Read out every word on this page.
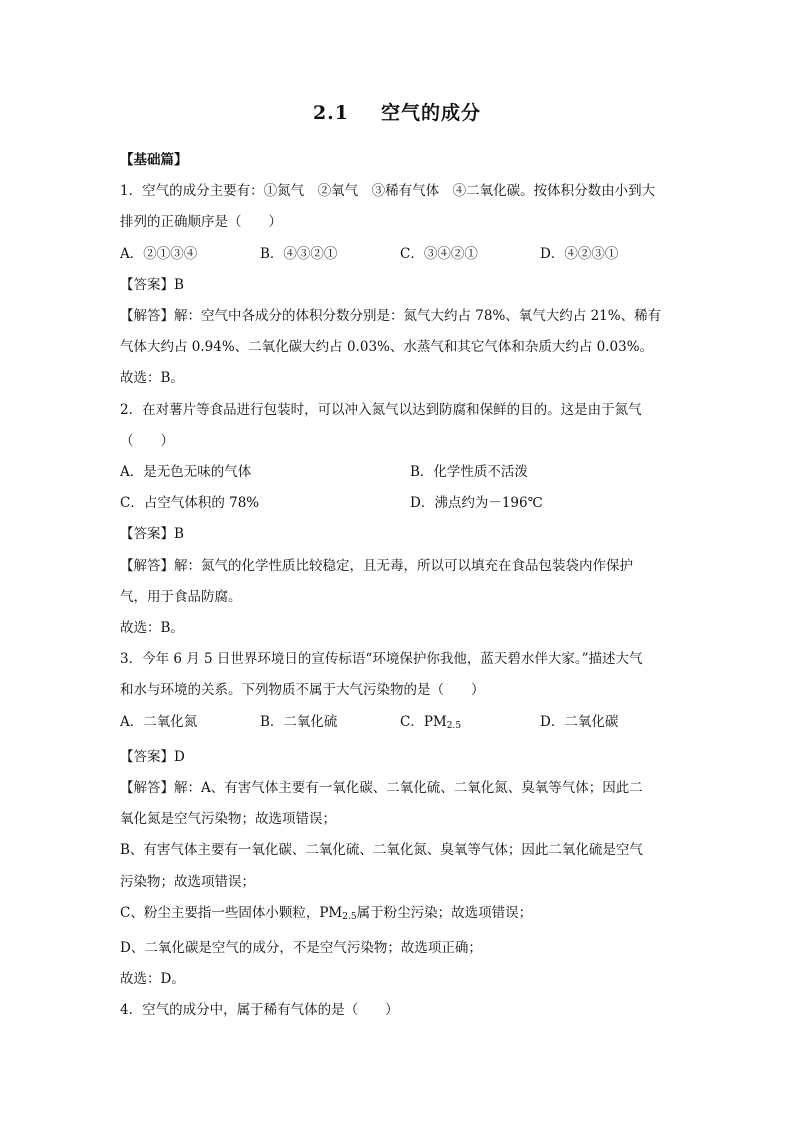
2.1 空气的成分
【基础篇】
1．空气的成分主要有：①氮气　②氧气　③稀有气体　④二氧化碳。按体积分数由小到大
排列的正确顺序是（　　）
A．②①③④	B．④③②①	C．③④②①	D．④②③①
【答案】B
【解答】解：空气中各成分的体积分数分别是：氮气大约占 78%、氧气大约占 21%、稀有
气体大约占 0.94%、二氧化碳大约占 0.03%、水蒸气和其它气体和杂质大约占 0.03%。
故选：B。
2．在对薯片等食品进行包装时，可以冲入氮气以达到防腐和保鲜的目的。这是由于氮气
（　　）
A．是无色无味的气体	B．化学性质不活泼
C．占空气体积的 78%	D．沸点约为－196℃
【答案】B
【解答】解：氮气的化学性质比较稳定，且无毒，所以可以填充在食品包装袋内作保护
气，用于食品防腐。
故选：B。
3．今年 6 月 5 日世界环境日的宣传标语“环境保护你我他，蓝天碧水伴大家。”描述大气
和水与环境的关系。下列物质不属于大气污染物的是（　　）
A．二氧化氮	B．二氧化硫	C．$PM_{2.5}$	D．二氧化碳
【答案】D
【解答】解：A、有害气体主要有一氧化碳、二氧化硫、二氧化氮、臭氧等气体；因此二
氧化氮是空气污染物；故选项错误；
B、有害气体主要有一氧化碳、二氧化硫、二氧化氮、臭氧等气体；因此二氧化硫是空气
污染物；故选项错误；
C、粉尘主要指一些固体小颗粒，$PM_{2.5}$属于粉尘污染；故选项错误；
D、二氧化碳是空气的成分，不是空气污染物；故选项正确；
故选：D。
4．空气的成分中，属于稀有气体的是（　　）
